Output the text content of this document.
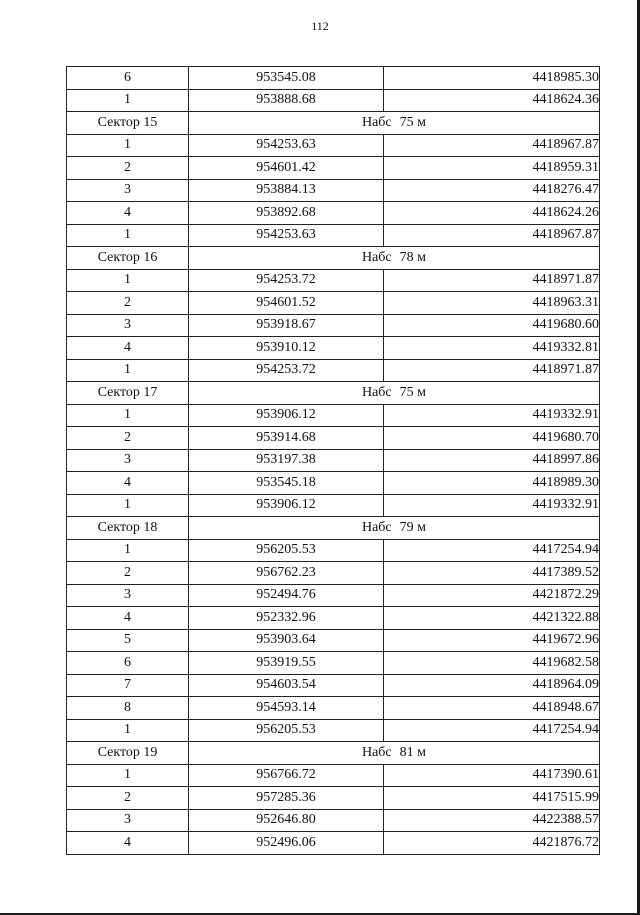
112
6	953545.08	4418985.30
1	953888.68	4418624.36
Сектор 15	Набс 75 м	
1	954253.63	4418967.87
2	954601.42	4418959.31
3	953884.13	4418276.47
4	953892.68	4418624.26
1	954253.63	4418967.87
Сектор 16	Набс 78 м	
1	954253.72	4418971.87
2	954601.52	4418963.31
3	953918.67	4419680.60
4	953910.12	4419332.81
1	954253.72	4418971.87
Сектор 17	Набс 75 м	
1	953906.12	4419332.91
2	953914.68	4419680.70
3	953197.38	4418997.86
4	953545.18	4418989.30
1	953906.12	4419332.91
Сектор 18	Набс 79 м	
1	956205.53	4417254.94
2	956762.23	4417389.52
3	952494.76	4421872.29
4	952332.96	4421322.88
5	953903.64	4419672.96
6	953919.55	4419682.58
7	954603.54	4418964.09
8	954593.14	4418948.67
1	956205.53	4417254.94
Сектор 19	Набс 81 м	
1	956766.72	4417390.61
2	957285.36	4417515.99
3	952646.80	4422388.57
4	952496.06	4421876.72
